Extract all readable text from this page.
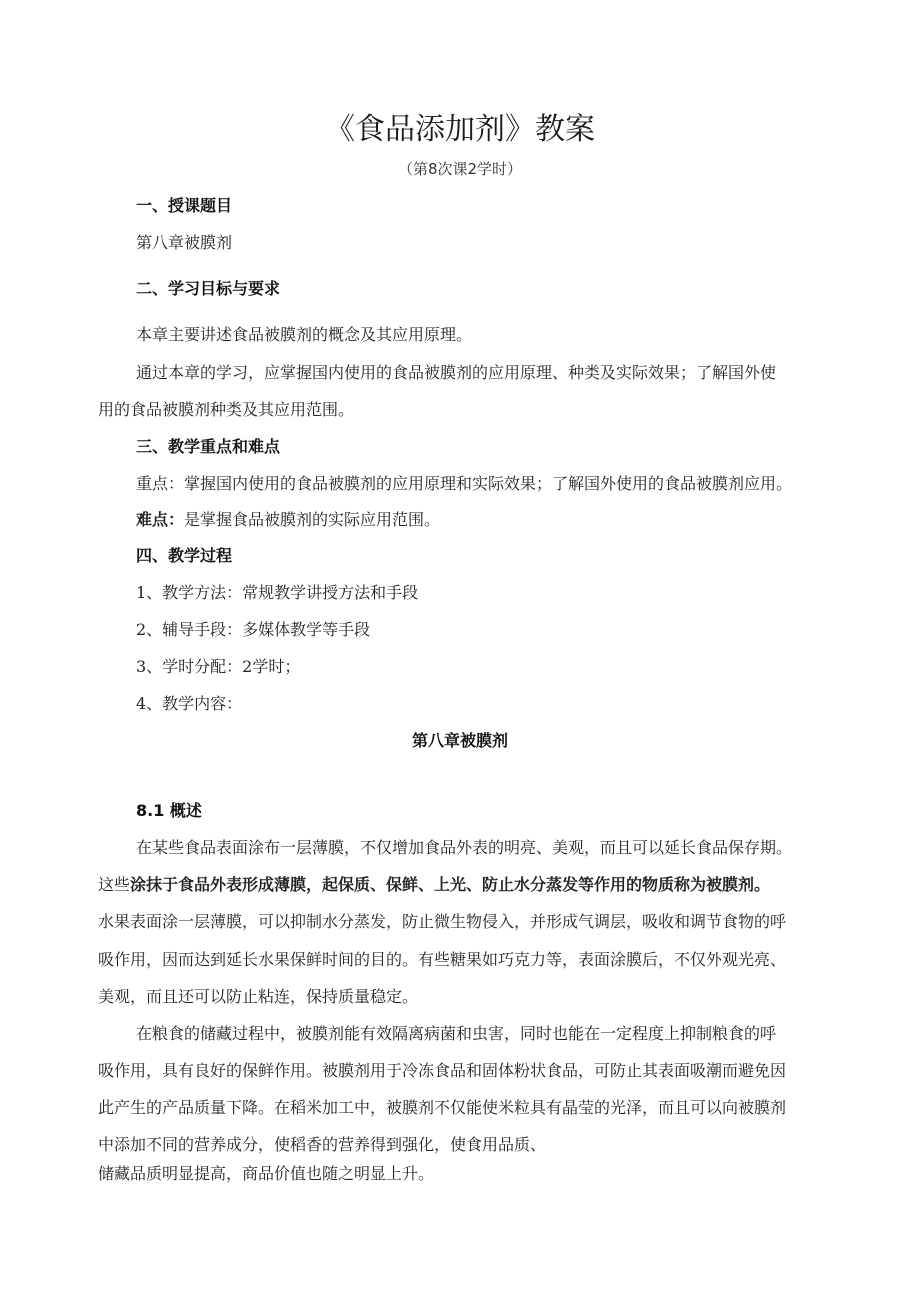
《食品添加剂》教案
（第8次课2学时）
一、授课题目
第八章被膜剂
二、学习目标与要求
本章主要讲述食品被膜剂的概念及其应用原理。
通过本章的学习，应掌握国内使用的食品被膜剂的应用原理、种类及实际效果；了解国外使
用的食品被膜剂种类及其应用范围。
三、教学重点和难点
重点：掌握国内使用的食品被膜剂的应用原理和实际效果；了解国外使用的食品被膜剂应用。
难点：是掌握食品被膜剂的实际应用范围。
四、教学过程
1、教学方法：常规教学讲授方法和手段
2、辅导手段：多媒体教学等手段
3、学时分配：2学时；
4、教学内容：
第八章被膜剂
8.1 概述
在某些食品表面涂布一层薄膜，不仅增加食品外表的明亮、美观，而且可以延长食品保存期。
这些涂抹于食品外表形成薄膜，起保质、保鲜、上光、防止水分蒸发等作用的物质称为被膜剂。
水果表面涂一层薄膜，可以抑制水分蒸发，防止微生物侵入，并形成气调层，吸收和调节食物的呼
吸作用，因而达到延长水果保鲜时间的目的。有些糖果如巧克力等，表面涂膜后，不仅外观光亮、
美观，而且还可以防止粘连，保持质量稳定。
在粮食的储藏过程中，被膜剂能有效隔离病菌和虫害，同时也能在一定程度上抑制粮食的呼
吸作用，具有良好的保鲜作用。被膜剂用于冷冻食品和固体粉状食品，可防止其表面吸潮而避免因
此产生的产品质量下降。在稻米加工中，被膜剂不仅能使米粒具有晶莹的光泽，而且可以向被膜剂
中添加不同的营养成分，使稻香的营养得到强化，使食用品质、
储藏品质明显提高，商品价值也随之明显上升。
